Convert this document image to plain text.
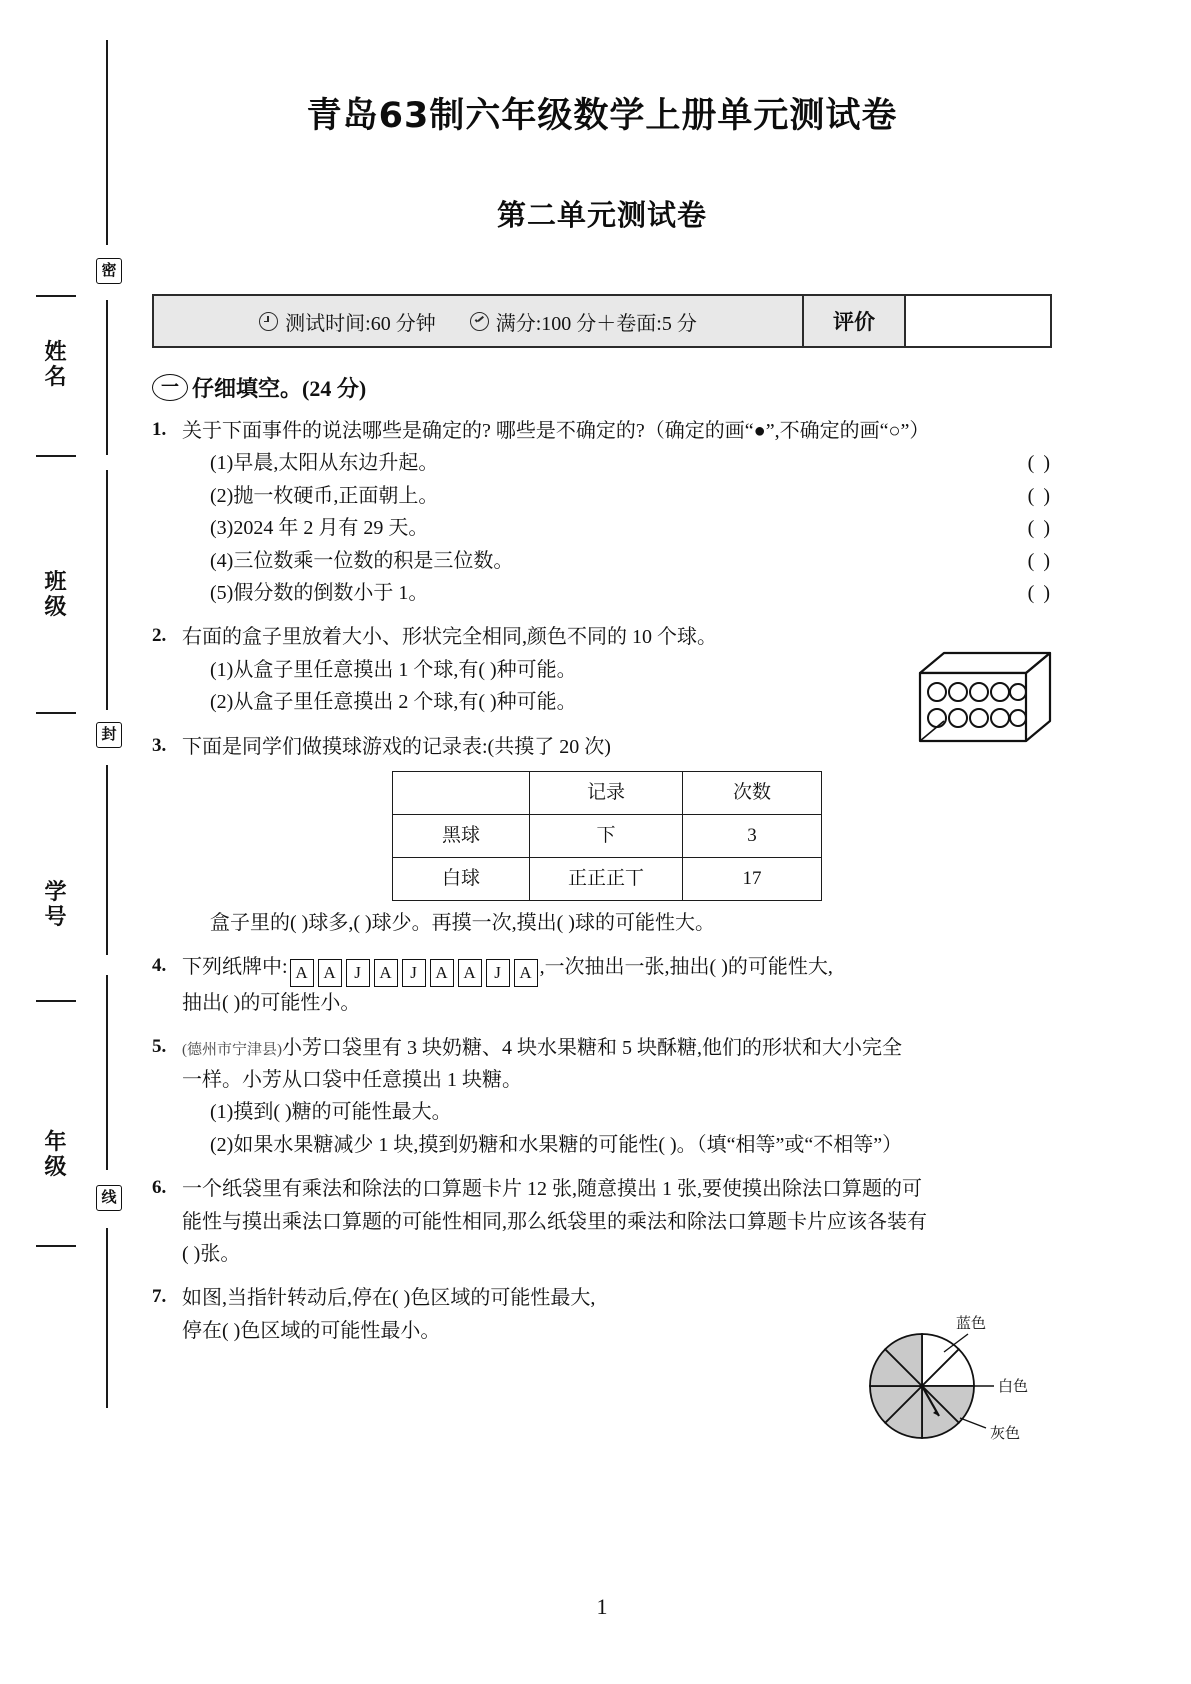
密
封
线
姓名
班级
学号
年级
青岛63制六年级数学上册单元测试卷
第二单元测试卷
测试时间:60 分钟	满分:100 分＋卷面:5 分	评价
一 仔细填空。(24 分)
1. 关于下面事件的说法哪些是确定的? 哪些是不确定的?（确定的画“●”,不确定的画“○”）
(1)早晨,太阳从东边升起。	( )
(2)抛一枚硬币,正面朝上。	( )
(3)2024 年 2 月有 29 天。	( )
(4)三位数乘一位数的积是三位数。	( )
(5)假分数的倒数小于 1。	( )
2. 右面的盒子里放着大小、形状完全相同,颜色不同的 10 个球。
(1)从盒子里任意摸出 1 个球,有( )种可能。
(2)从盒子里任意摸出 2 个球,有( )种可能。
3. 下面是同学们做摸球游戏的记录表:(共摸了 20 次)
	记录	次数
黑球	下	3
白球	正正正丅	17
盒子里的( )球多,( )球少。再摸一次,摸出( )球的可能性大。
4. 下列纸牌中: A A J A J A A J A ,一次抽出一张,抽出( )的可能性大,
抽出( )的可能性小。
5. (德州市宁津县)小芳口袋里有 3 块奶糖、4 块水果糖和 5 块酥糖,他们的形状和大小完全
一样。小芳从口袋中任意摸出 1 块糖。
(1)摸到( )糖的可能性最大。
(2)如果水果糖减少 1 块,摸到奶糖和水果糖的可能性( )。（填“相等”或“不相等”）
6. 一个纸袋里有乘法和除法的口算题卡片 12 张,随意摸出 1 张,要使摸出除法口算题的可
能性与摸出乘法口算题的可能性相同,那么纸袋里的乘法和除法口算题卡片应该各装有
( )张。
7. 如图,当指针转动后,停在( )色区域的可能性最大,
停在( )色区域的可能性最小。	蓝色
白色
灰色
1
